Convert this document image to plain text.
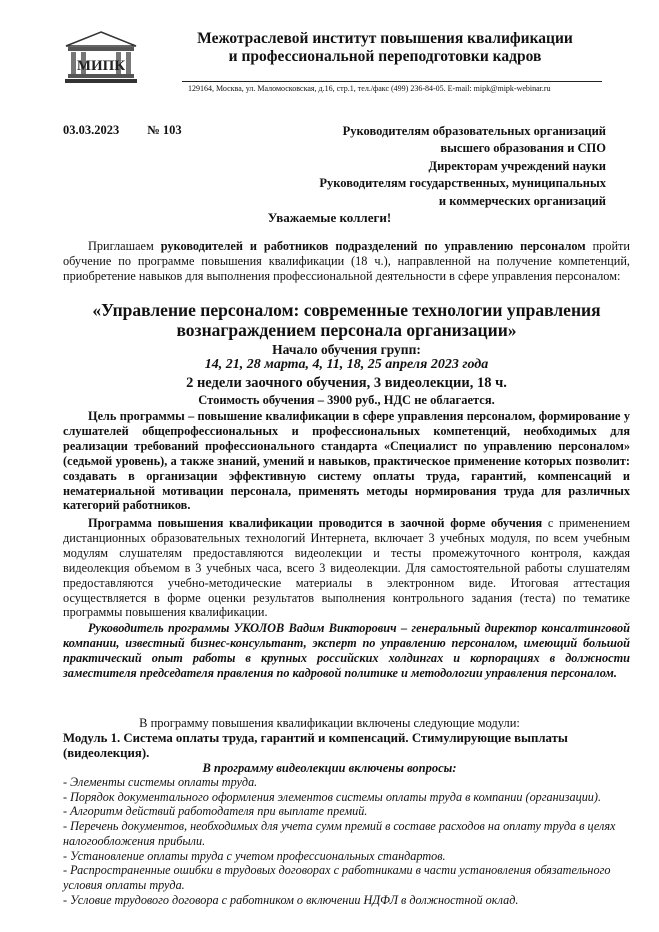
МИПК
Межотраслевой институт повышения квалификации
и профессиональной переподготовки кадров
129164, Москва, ул. Маломосковская, д.16, стр.1, тел./факс (499) 236-84-05. E-mail: mipk@mipk-webinar.ru
03.03.2023 № 103	Руководителям образовательных организаций
высшего образования и СПО
Директорам учреждений науки
Руководителям государственных, муниципальных
и коммерческих организаций
Уважаемые коллеги!
Приглашаем руководителей и работников подразделений по управлению персоналом пройти обучение по программе повышения квалификации (18 ч.), направленной на получение компетенций, приобретение навыков для выполнения профессиональной деятельности в сфере управления персоналом:
«Управление персоналом: современные технологии управления
вознаграждением персонала организации»
Начало обучения групп:
14, 21, 28 марта, 4, 11, 18, 25 апреля 2023 года
2 недели заочного обучения, 3 видеолекции, 18 ч.
Стоимость обучения – 3900 руб., НДС не облагается.
Цель программы – повышение квалификации в сфере управления персоналом, формирование у слушателей общепрофессиональных и профессиональных компетенций, необходимых для реализации требований профессионального стандарта «Специалист по управлению персоналом» (седьмой уровень), а также знаний, умений и навыков, практическое применение которых позволит: создавать в организации эффективную систему оплаты труда, гарантий, компенсаций и нематериальной мотивации персонала, применять методы нормирования труда для различных категорий работников.
Программа повышения квалификации проводится в заочной форме обучения с применением дистанционных образовательных технологий Интернета, включает 3 учебных модуля, по всем учебным модулям слушателям предоставляются видеолекции и тесты промежуточного контроля, каждая видеолекция объемом в 3 учебных часа, всего 3 видеолекции. Для самостоятельной работы слушателям предоставляются учебно-методические материалы в электронном виде. Итоговая аттестация осуществляется в форме оценки результатов выполнения контрольного задания (теста) по тематике программы повышения квалификации.
Руководитель программы УКОЛОВ Вадим Викторович – генеральный директор консалтинговой компании, известный бизнес-консультант, эксперт по управлению персоналом, имеющий большой практический опыт работы в крупных российских холдингах и корпорациях в должности заместителя председателя правления по кадровой политике и методологии управления персоналом.
В программу повышения квалификации включены следующие модули:
Модуль 1. Система оплаты труда, гарантий и компенсаций. Стимулирующие выплаты (видеолекция).
В программу видеолекции включены вопросы:
- Элементы системы оплаты труда.
- Порядок документального оформления элементов системы оплаты труда в компании (организации).
- Алгоритм действий работодателя при выплате премий.
- Перечень документов, необходимых для учета сумм премий в составе расходов на оплату труда в целях налогообложения прибыли.
- Установление оплаты труда с учетом профессиональных стандартов.
- Распространенные ошибки в трудовых договорах с работниками в части установления обязательного условия оплаты труда.
- Условие трудового договора с работником о включении НДФЛ в должностной оклад.
